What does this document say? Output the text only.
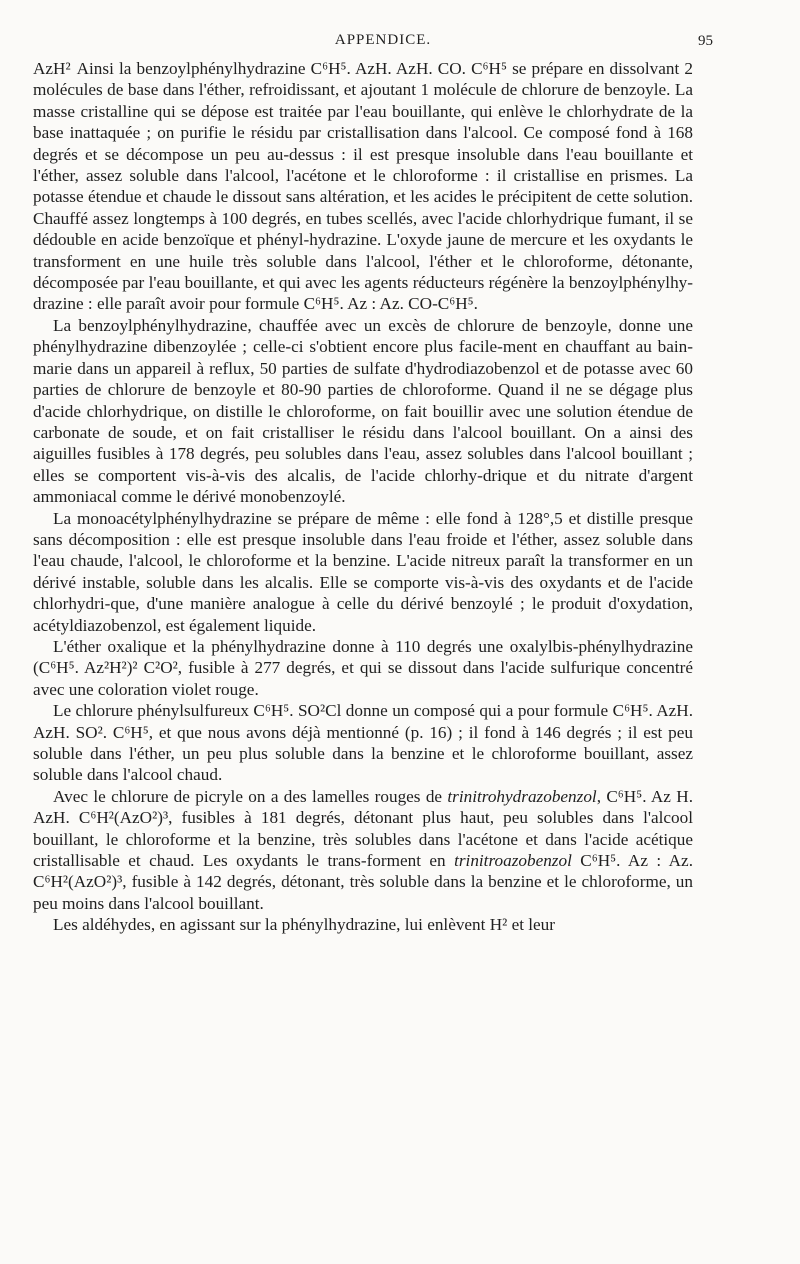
APPENDICE.	95

AzH² Ainsi la benzoylphénylhydrazine C⁶H⁵. AzH. AzH. CO. C⁶H⁵ se prépare en dissolvant 2 molécules de base dans l'éther, refroidissant, et ajoutant 1 molécule de chlorure de benzoyle. La masse cristalline qui se dépose est traitée par l'eau bouillante, qui enlève le chlorhydrate de la base inattaquée ; on purifie le résidu par cristallisation dans l'alcool. Ce composé fond à 168 degrés et se décompose un peu au-dessus : il est presque insoluble dans l'eau bouillante et l'éther, assez soluble dans l'alcool, l'acétone et le chloroforme : il cristallise en prismes. La potasse étendue et chaude le dissout sans altération, et les acides le précipitent de cette solution. Chauffé assez longtemps à 100 degrés, en tubes scellés, avec l'acide chlorhydrique fumant, il se dédouble en acide benzoïque et phényl-hydrazine. L'oxyde jaune de mercure et les oxydants le transforment en une huile très soluble dans l'alcool, l'éther et le chloroforme, détonante, décomposée par l'eau bouillante, et qui avec les agents réducteurs régénère la benzoylphénylhy-drazine : elle paraît avoir pour formule C⁶H⁵. Az : Az. CO-C⁶H⁵.

La benzoylphénylhydrazine, chauffée avec un excès de chlorure de benzoyle, donne une phénylhydrazine dibenzoylée ; celle-ci s'obtient encore plus facile-ment en chauffant au bain-marie dans un appareil à reflux, 50 parties de sulfate d'hydrodiazobenzol et de potasse avec 60 parties de chlorure de benzoyle et 80-90 parties de chloroforme. Quand il ne se dégage plus d'acide chlorhydrique, on distille le chloroforme, on fait bouillir avec une solution étendue de carbonate de soude, et on fait cristalliser le résidu dans l'alcool bouillant. On a ainsi des aiguilles fusibles à 178 degrés, peu solubles dans l'eau, assez solubles dans l'alcool bouillant ; elles se comportent vis-à-vis des alcalis, de l'acide chlorhy-drique et du nitrate d'argent ammoniacal comme le dérivé monobenzoylé.

La monoacétylphénylhydrazine se prépare de même : elle fond à 128°,5 et distille presque sans décomposition : elle est presque insoluble dans l'eau froide et l'éther, assez soluble dans l'eau chaude, l'alcool, le chloroforme et la benzine. L'acide nitreux paraît la transformer en un dérivé instable, soluble dans les alcalis. Elle se comporte vis-à-vis des oxydants et de l'acide chlorhydri-que, d'une manière analogue à celle du dérivé benzoylé ; le produit d'oxydation, acétyldiazobenzol, est également liquide.

L'éther oxalique et la phénylhydrazine donne à 110 degrés une oxalylbis-phénylhydrazine (C⁶H⁵. Az²H²)² C²O², fusible à 277 degrés, et qui se dissout dans l'acide sulfurique concentré avec une coloration violet rouge.

Le chlorure phénylsulfureux C⁶H⁵. SO²Cl donne un composé qui a pour formule C⁶H⁵. AzH. AzH. SO². C⁶H⁵, et que nous avons déjà mentionné (p. 16) ; il fond à 146 degrés ; il est peu soluble dans l'éther, un peu plus soluble dans la benzine et le chloroforme bouillant, assez soluble dans l'alcool chaud.

Avec le chlorure de picryle on a des lamelles rouges de trinitrohydrazobenzol, C⁶H⁵. Az H. AzH. C⁶H²(AzO²)³, fusibles à 181 degrés, détonant plus haut, peu solubles dans l'alcool bouillant, le chloroforme et la benzine, très solubles dans l'acétone et dans l'acide acétique cristallisable et chaud. Les oxydants le trans-forment en trinitroazobenzol C⁶H⁵. Az : Az. C⁶H²(AzO²)³, fusible à 142 degrés, détonant, très soluble dans la benzine et le chloroforme, un peu moins dans l'alcool bouillant.

Les aldéhydes, en agissant sur la phénylhydrazine, lui enlèvent H² et leur
